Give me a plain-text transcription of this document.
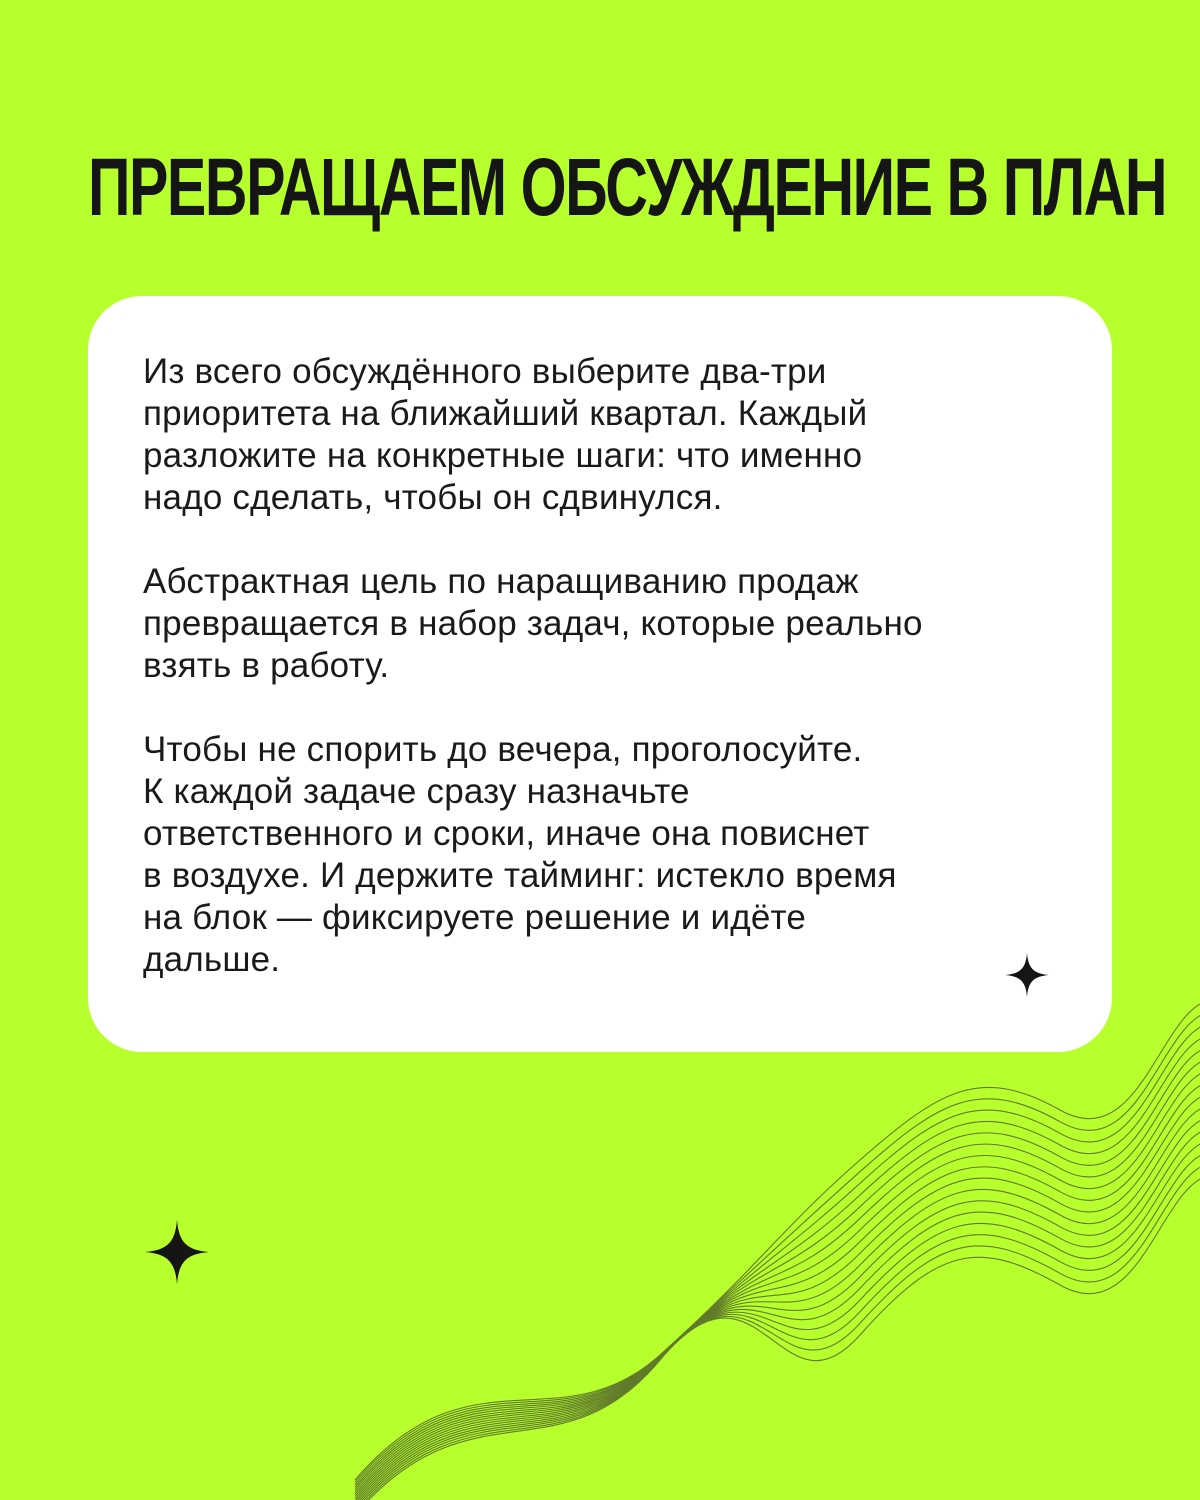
ПРЕВРАЩАЕМ ОБСУЖДЕНИЕ В ПЛАН

Из всего обсуждённого выберите два-три
приоритета на ближайший квартал. Каждый
разложите на конкретные шаги: что именно
надо сделать, чтобы он сдвинулся.

Абстрактная цель по наращиванию продаж
превращается в набор задач, которые реально
взять в работу.

Чтобы не спорить до вечера, проголосуйте.
К каждой задаче сразу назначьте
ответственного и сроки, иначе она повиснет
в воздухе. И держите тайминг: истекло время
на блок — фиксируете решение и идёте
дальше.
